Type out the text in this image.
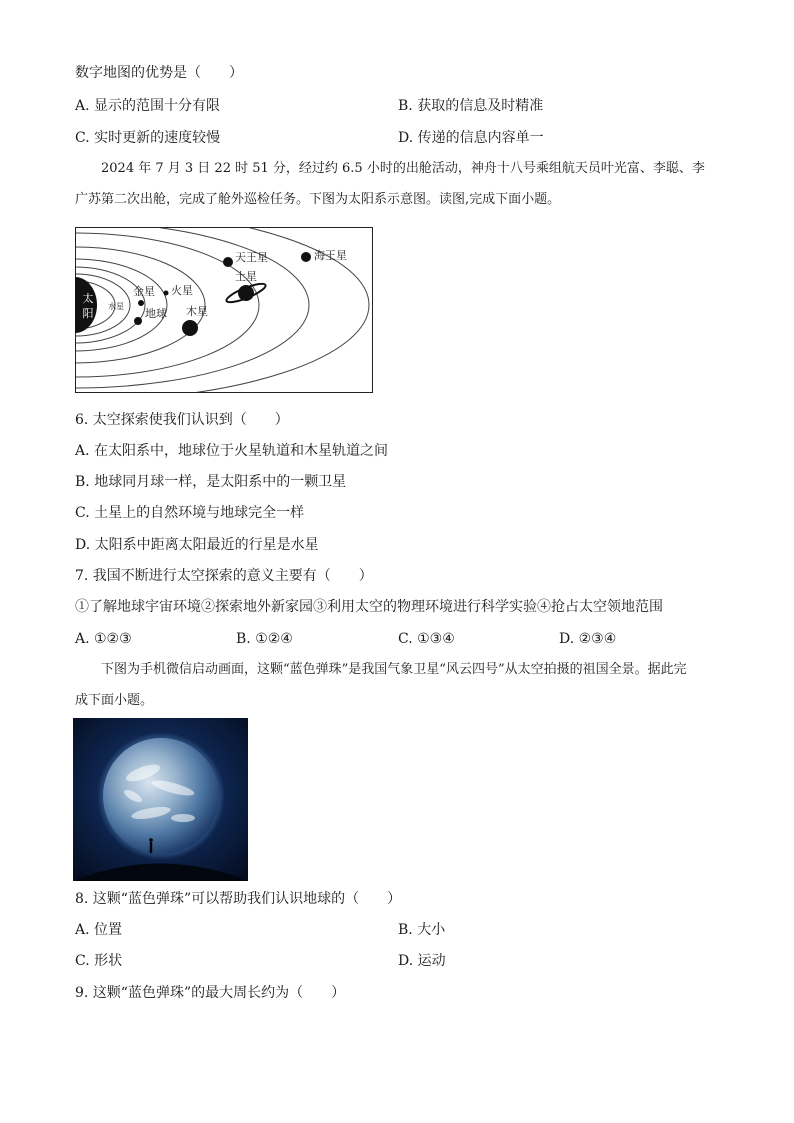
数字地图的优势是（　　）
A. 显示的范围十分有限	B. 获取的信息及时精准
C. 实时更新的速度较慢	D. 传递的信息内容单一
2024 年 7 月 3 日 22 时 51 分，经过约 6.5 小时的出舱活动，神舟十八号乘组航天员叶光富、李聪、李
广苏第二次出舱，完成了舱外巡检任务。下图为太阳系示意图。读图,完成下面小题。
太
阳
水星
金星
地球
火星
木星
土星
天王星	海王星
6. 太空探索使我们认识到（　　）
A. 在太阳系中，地球位于火星轨道和木星轨道之间
B. 地球同月球一样，是太阳系中的一颗卫星
C. 土星上的自然环境与地球完全一样
D. 太阳系中距离太阳最近的行星是水星
7. 我国不断进行太空探索的意义主要有（　　）
①了解地球宇宙环境②探索地外新家园③利用太空的物理环境进行科学实验④抢占太空领地范围
A. ①②③	B. ①②④	C. ①③④	D. ②③④
下图为手机微信启动画面，这颗“蓝色弹珠”是我国气象卫星“风云四号”从太空拍摄的祖国全景。据此完
成下面小题。
8. 这颗“蓝色弹珠”可以帮助我们认识地球的（　　）
A. 位置	B. 大小
C. 形状	D. 运动
9. 这颗“蓝色弹珠”的最大周长约为（　　）
